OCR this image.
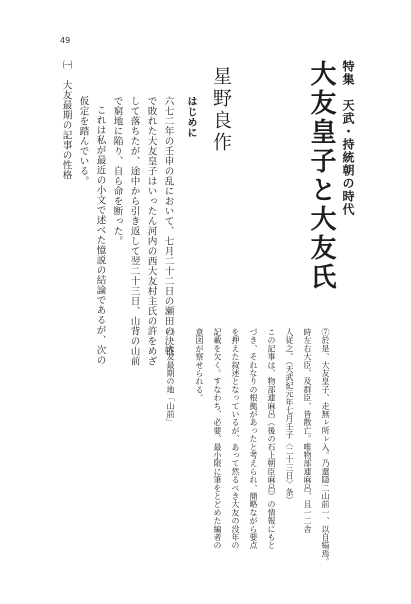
49
特集　天武・持統朝の時代
大友皇子と大友氏
星野良作
はじめに
六七二年の壬申の乱において、七月二十二日の瀬田の決戦
で敗れた大友皇子はいったん河内の西大友村主氏の許をめざ
して落ちたが、途中から引き返して翌二十三日、山背の山前
で窮地に陥り、自ら命を断った。
これは私が最近の小文で述べた憶説の結論であるが、次の
仮定を踏んでいる。
㈠　大友最期の記事の性格
⑦於是、大友皇子、走無ㇾ所ㇾ入。乃還隠二山前一、以自縊焉。
時左右大臣、及群臣、皆散亡。唯物部連麻呂、且一二舎
人従之。（天武紀元年七月壬子〈二十三日〉条）
この記事は、物部連麻呂（後の石上朝臣麻呂）の情報にもと
づき、それなりの根拠があったと考えられ、簡略ながら要点
を押えた叙述となっているが、あって然るべき大友の没年の
記載を欠く。すなわち、必要、最小限に筆をとどめた編者の
意図が察せられる。
㈡　大友最期の地「山前」
